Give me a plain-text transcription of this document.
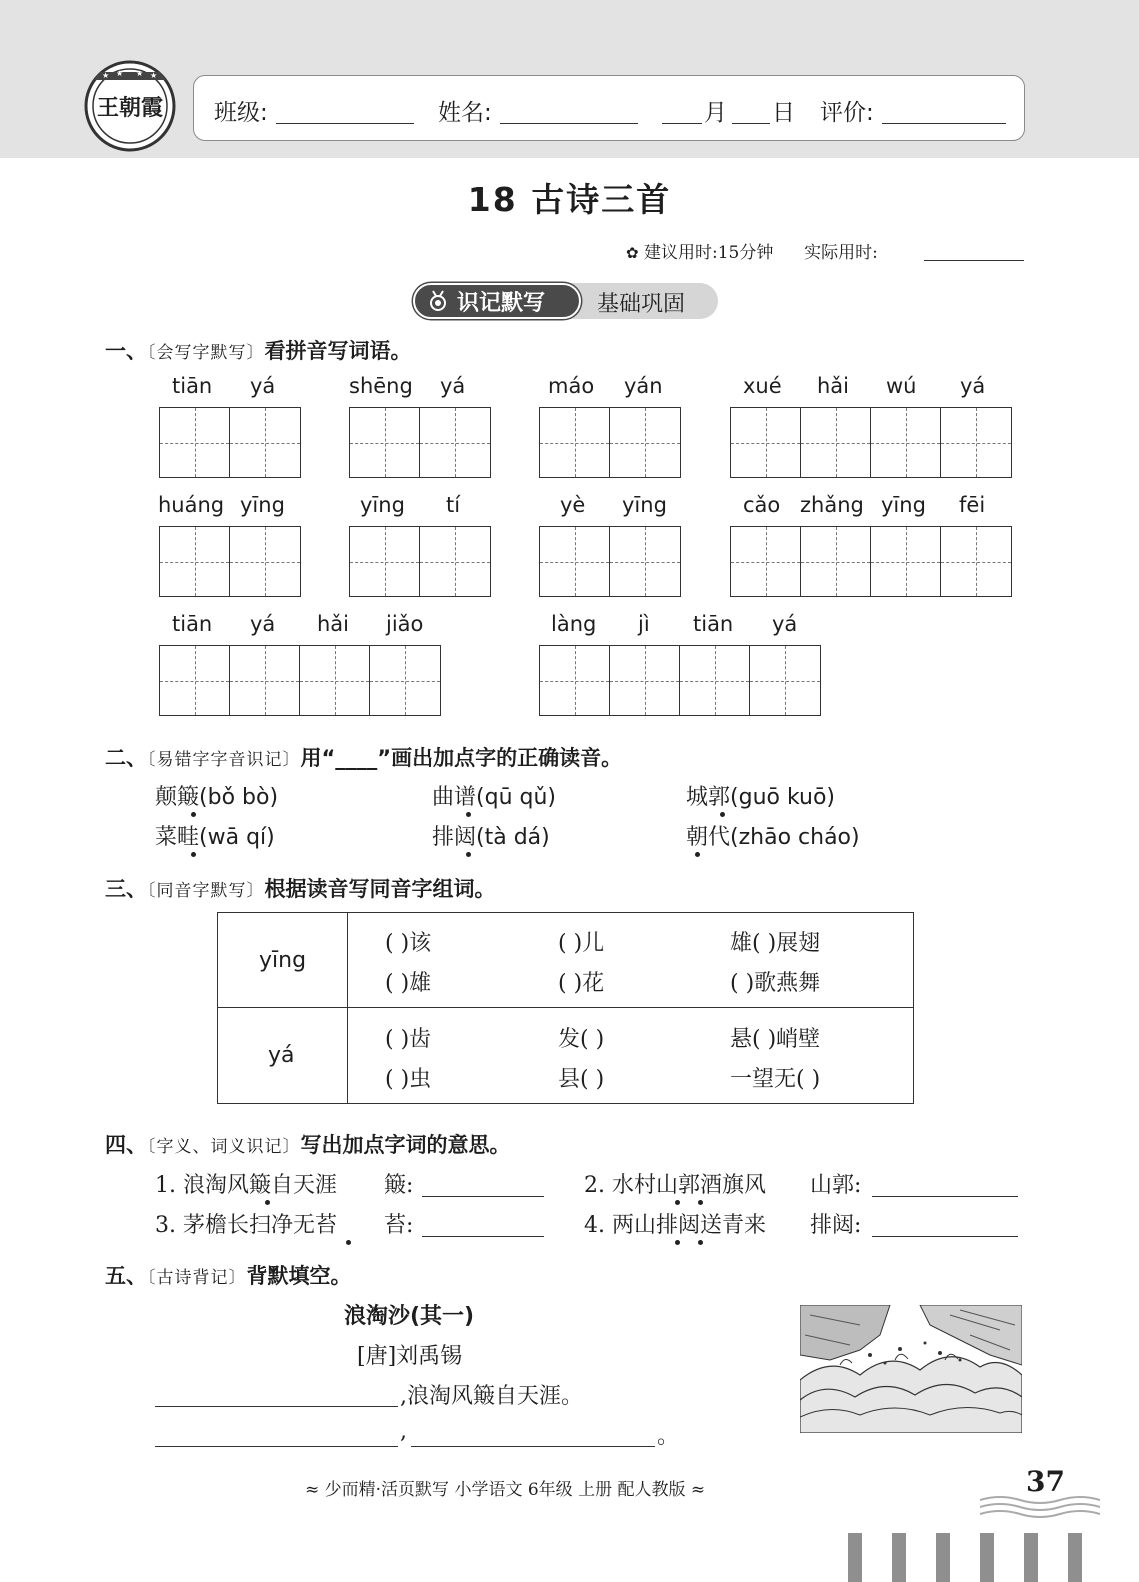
★ ★ ★ ★
王朝霞 班级:	姓名:	月 日 评价:
18 古诗三首
✿ 建议用时:15分钟 实际用时:
识记默写 基础巩固
一、〔会写字默写〕看拼音写词语。
tiān yá	shēng yá	máo yán	xué hǎi wú yá
huáng yīng	yīng tí	yè yīng	cǎo zhǎng yīng fēi
tiān yá hǎi jiǎo	làng jì tiān yá
二、〔易错字字音识记〕用“____”画出加点字的正确读音。
颠簸(bǒ bò)	曲谱(qū qǔ)	城郭(guō kuō)
菜畦(wā qí)	排闼(tà dá)	朝代(zhāo cháo)
三、〔同音字默写〕根据读音写同音字组词。
yīng
( )该	( )儿	雄( )展翅
( )雄	( )花	( )歌燕舞
yá
( )齿	发( )	悬( )峭壁
( )虫	县( )	一望无( )
四、〔字义、词义识记〕写出加点字词的意思。
1. 浪淘风簸自天涯 簸:	2. 水村山郭酒旗风 山郭:
3. 茅檐长扫净无苔 苔:	4. 两山排闼送青来 排闼:
五、〔古诗背记〕背默填空。
浪淘沙(其一)
[唐]刘禹锡
,浪淘风簸自天涯。
,	。
≈ 少而精·活页默写 小学语文 6年级 上册 配人教版 ≈	37
